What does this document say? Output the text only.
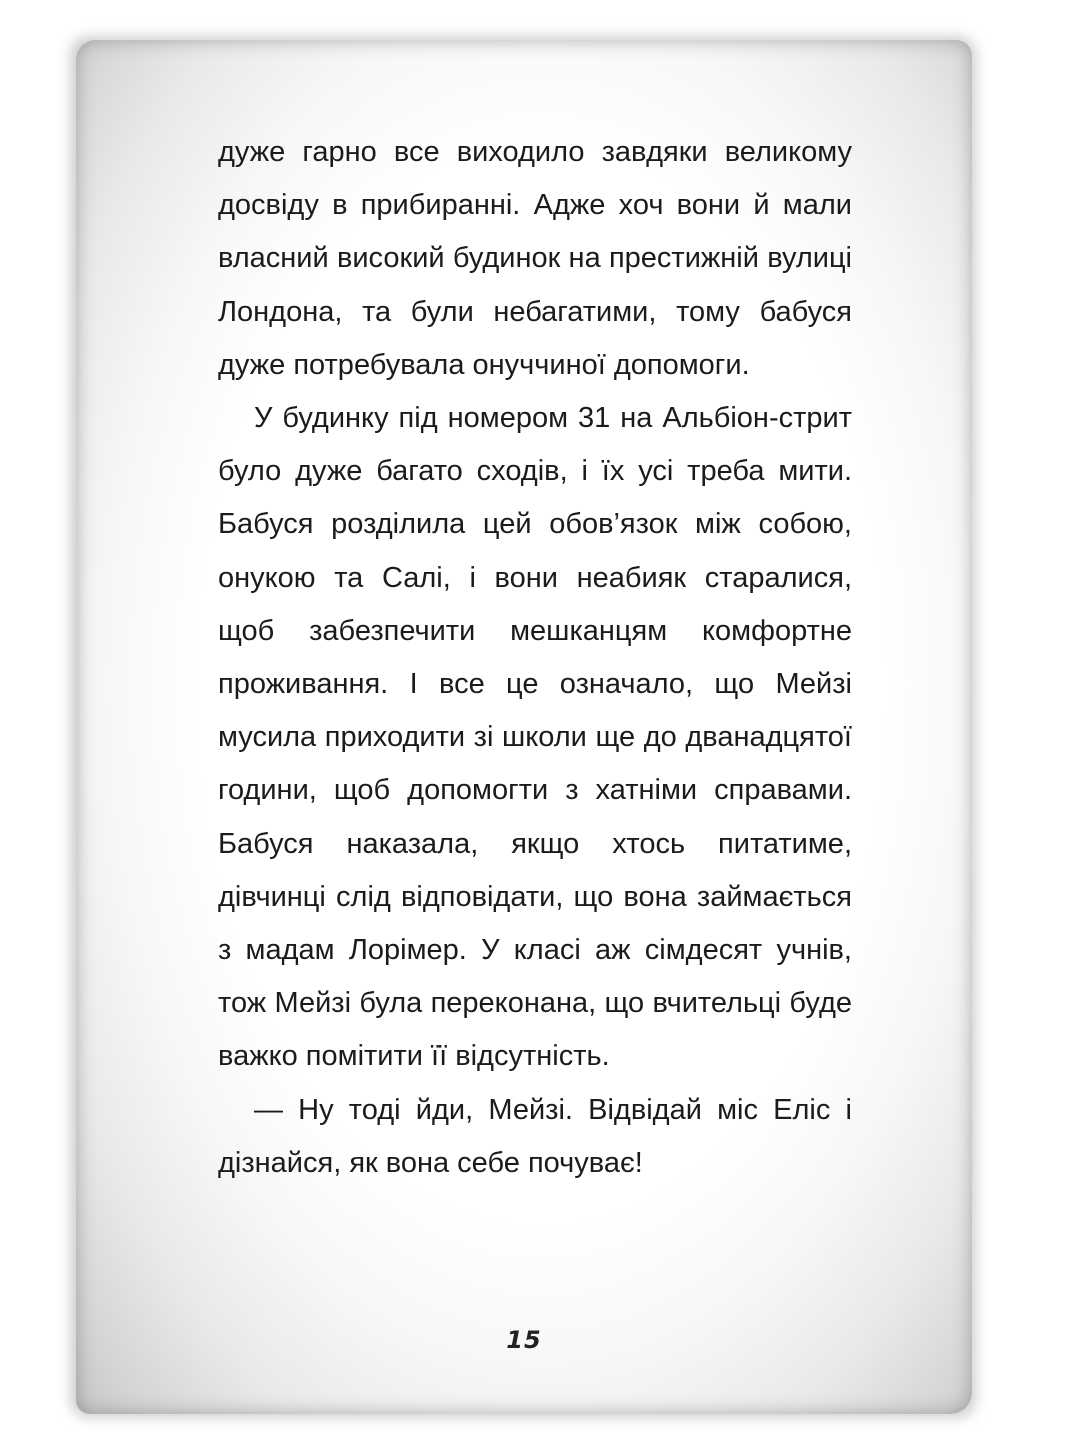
дуже гарно все виходило завдяки великому досвіду в прибиранні. Адже хоч вони й мали власний високий будинок на престижній вулиці Лондона, та були небагатими, тому бабуся дуже потребувала онуччиної допомоги.

У будинку під номером 31 на Альбіон-стрит було дуже багато сходів, і їх усі треба мити. Бабуся розділила цей обов’язок між собою, онукою та Салі, і вони неабияк старалися, щоб забезпечити мешканцям комфортне проживання. І все це означало, що Мейзі мусила приходити зі школи ще до дванадцятої години, щоб допомогти з хатніми справами. Бабуся наказала, якщо хтось питатиме, дівчинці слід відповідати, що вона займається з мадам Лорімер. У класі аж сімдесят учнів, тож Мейзі була переконана, що вчительці буде важко помітити її відсутність.

— Ну тоді йди, Мейзі. Відвідай міс Еліс і дізнайся, як вона себе почуває!

15
